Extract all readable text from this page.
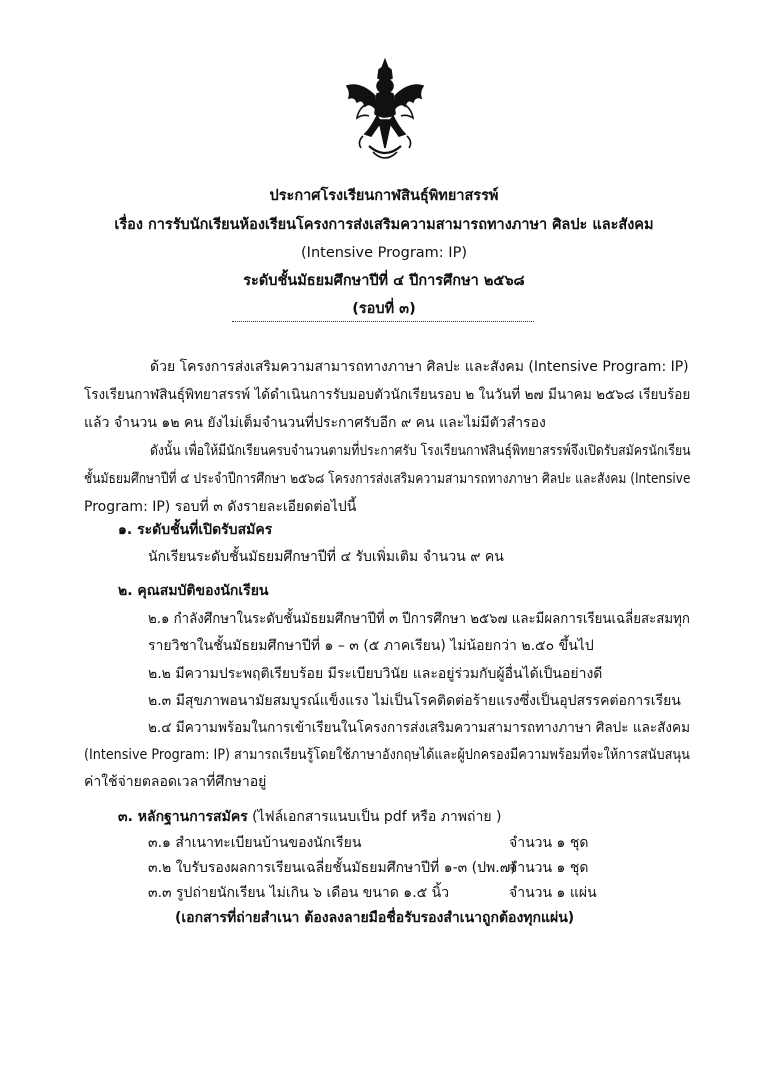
ประกาศโรงเรียนกาฬสินธุ์พิทยาสรรพ์
เรื่อง การรับนักเรียนห้องเรียนโครงการส่งเสริมความสามารถทางภาษา ศิลปะ และสังคม
(Intensive Program: IP)
ระดับชั้นมัธยมศึกษาปีที่ ๔ ปีการศึกษา ๒๕๖๘
(รอบที่ ๓)
ด้วย โครงการส่งเสริมความสามารถทางภาษา ศิลปะ และสังคม (Intensive Program: IP)
โรงเรียนกาฬสินธุ์พิทยาสรรพ์ ได้ดำเนินการรับมอบตัวนักเรียนรอบ ๒ ในวันที่ ๒๗ มีนาคม ๒๕๖๘ เรียบร้อย
แล้ว จำนวน ๑๒ คน ยังไม่เต็มจำนวนที่ประกาศรับอีก ๙ คน และไม่มีตัวสำรอง
ดังนั้น เพื่อให้มีนักเรียนครบจำนวนตามที่ประกาศรับ โรงเรียนกาฬสินธุ์พิทยาสรรพ์จึงเปิดรับสมัครนักเรียน
ชั้นมัธยมศึกษาปีที่ ๔ ประจำปีการศึกษา ๒๕๖๘ โครงการส่งเสริมความสามารถทางภาษา ศิลปะ และสังคม (Intensive
Program: IP) รอบที่ ๓ ดังรายละเอียดต่อไปนี้
๑. ระดับชั้นที่เปิดรับสมัคร
นักเรียนระดับชั้นมัธยมศึกษาปีที่ ๔ รับเพิ่มเติม จำนวน ๙ คน
๒. คุณสมบัติของนักเรียน
๒.๑ กำลังศึกษาในระดับชั้นมัธยมศึกษาปีที่ ๓ ปีการศึกษา ๒๕๖๗ และมีผลการเรียนเฉลี่ยสะสมทุก
รายวิชาในชั้นมัธยมศึกษาปีที่ ๑ – ๓ (๕ ภาคเรียน) ไม่น้อยกว่า ๒.๕๐ ขึ้นไป
๒.๒ มีความประพฤติเรียบร้อย มีระเบียบวินัย และอยู่ร่วมกับผู้อื่นได้เป็นอย่างดี
๒.๓ มีสุขภาพอนามัยสมบูรณ์แข็งแรง ไม่เป็นโรคติดต่อร้ายแรงซึ่งเป็นอุปสรรคต่อการเรียน
๒.๔ มีความพร้อมในการเข้าเรียนในโครงการส่งเสริมความสามารถทางภาษา ศิลปะ และสังคม
(Intensive Program: IP) สามารถเรียนรู้โดยใช้ภาษาอังกฤษได้และผู้ปกครองมีความพร้อมที่จะให้การสนับสนุน
ค่าใช้จ่ายตลอดเวลาที่ศึกษาอยู่
๓. หลักฐานการสมัคร (ไฟล์เอกสารแนบเป็น pdf หรือ ภาพถ่าย )
๓.๑ สำเนาทะเบียนบ้านของนักเรียน	จำนวน ๑ ชุด
๓.๒ ใบรับรองผลการเรียนเฉลี่ยชั้นมัธยมศึกษาปีที่ ๑-๓ (ปพ.๗)
จำนวน ๑ ชุด
๓.๓ รูปถ่ายนักเรียน ไม่เกิน ๖ เดือน ขนาด ๑.๕ นิ้ว	จำนวน ๑ แผ่น
(เอกสารที่ถ่ายสำเนา ต้องลงลายมือชื่อรับรองสำเนาถูกต้องทุกแผ่น)
